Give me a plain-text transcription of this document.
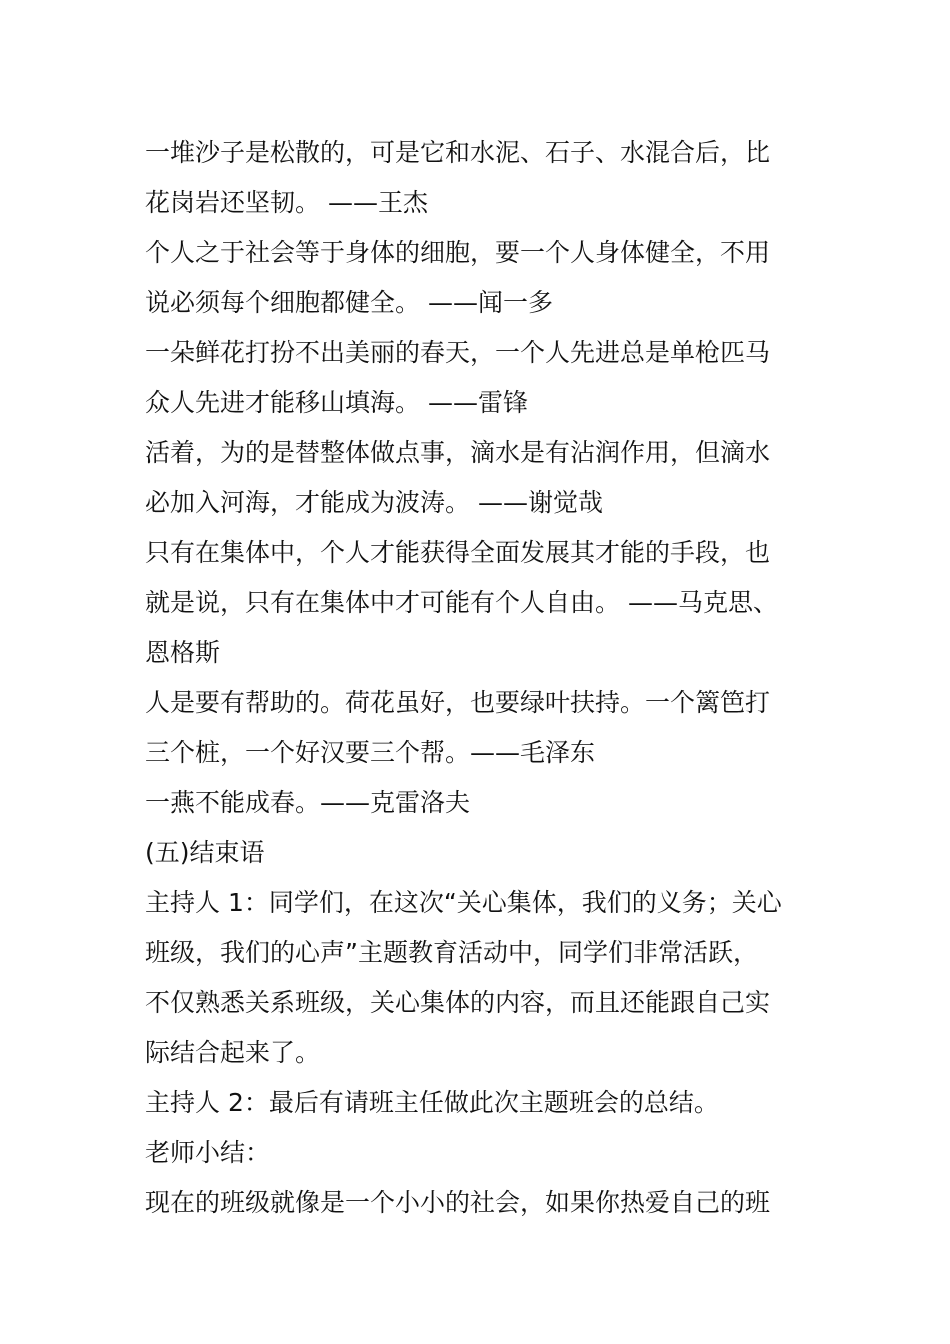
一堆沙子是松散的，可是它和水泥、石子、水混合后，比
花岗岩还坚韧。 ——王杰
个人之于社会等于身体的细胞，要一个人身体健全，不用
说必须每个细胞都健全。 ——闻一多
一朵鲜花打扮不出美丽的春天，一个人先进总是单枪匹马
众人先进才能移山填海。 ——雷锋
活着，为的是替整体做点事，滴水是有沾润作用，但滴水
必加入河海，才能成为波涛。 ——谢觉哉
只有在集体中，个人才能获得全面发展其才能的手段，也
就是说，只有在集体中才可能有个人自由。 ——马克思、
恩格斯
人是要有帮助的。荷花虽好，也要绿叶扶持。一个篱笆打
三个桩，一个好汉要三个帮。——毛泽东
一燕不能成春。——克雷洛夫
(五)结束语
主持人 1：同学们，在这次“关心集体，我们的义务；关心
班级，我们的心声”主题教育活动中，同学们非常活跃，
不仅熟悉关系班级，关心集体的内容，而且还能跟自己实
际结合起来了。
主持人 2：最后有请班主任做此次主题班会的总结。
老师小结：
现在的班级就像是一个小小的社会，如果你热爱自己的班
